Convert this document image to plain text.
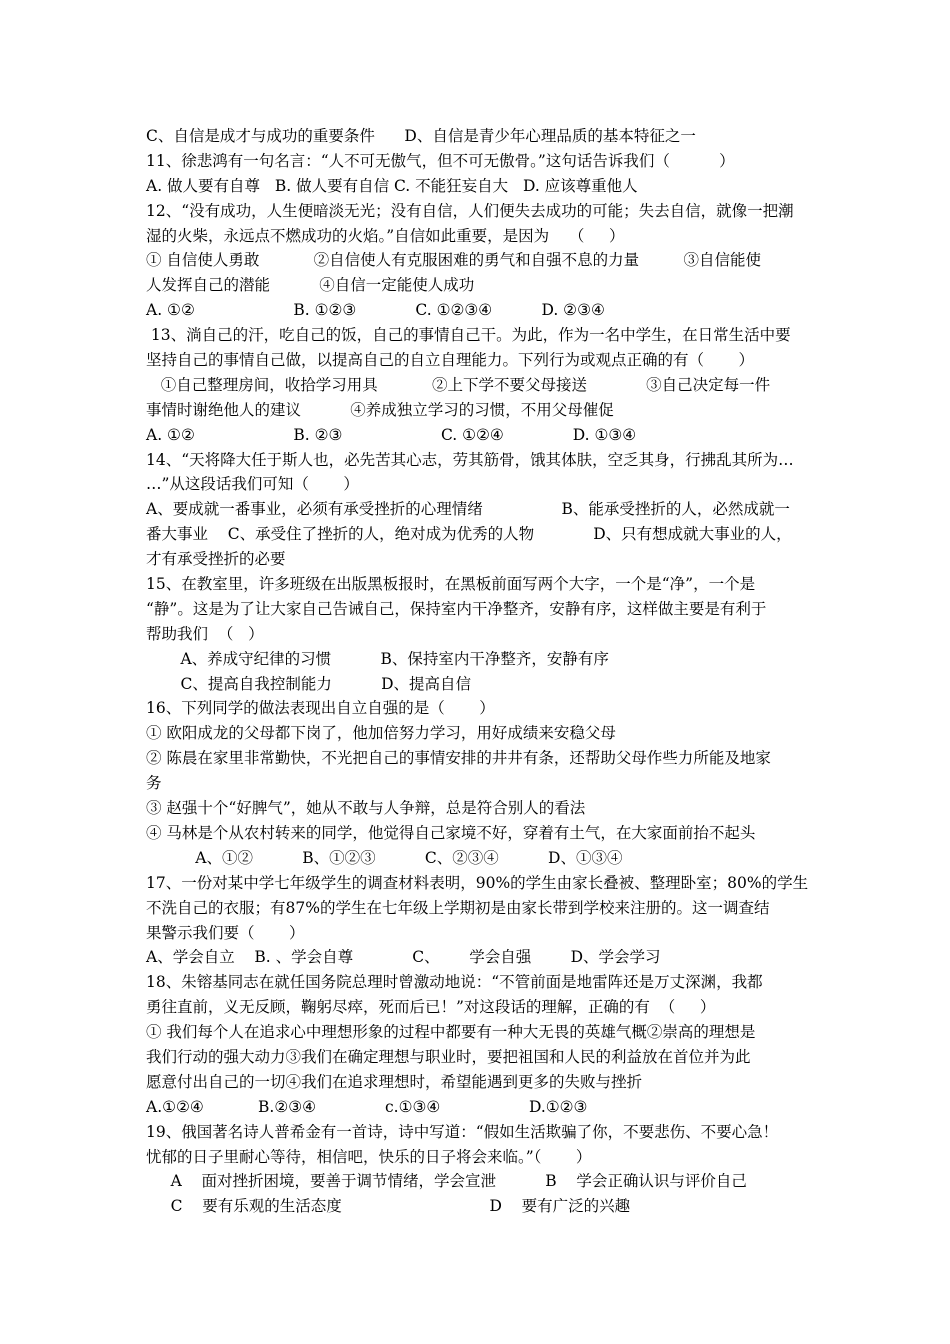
C、自信是成才与成功的重要条件      D、自信是青少年心理品质的基本特征之一
11、徐悲鸿有一句名言：“人不可无傲气，但不可无傲骨。”这句话告诉我们（          ）
A. 做人要有自尊   B. 做人要有自信 C. 不能狂妄自大   D. 应该尊重他人
12、“没有成功，人生便暗淡无光；没有自信，人们便失去成功的可能；失去自信，就像一把潮
湿的火柴，永远点不燃成功的火焰。”自信如此重要，是因为    （     ）
① 自信使人勇敢           ②自信使人有克服困难的勇气和自强不息的力量         ③自信能使
人发挥自己的潜能          ④自信一定能使人成功
A. ①②                    B. ①②③            C. ①②③④          D. ②③④
13、淌自己的汗，吃自己的饭，自己的事情自己干。为此，作为一名中学生，在日常生活中要
坚持自己的事情自己做，以提高自己的自立自理能力。下列行为或观点正确的有（       ）
①自己整理房间，收拾学习用具           ②上下学不要父母接送            ③自己决定每一件
事情时谢绝他人的建议          ④养成独立学习的习惯，不用父母催促
A. ①②                    B. ②③                    C. ①②④              D. ①③④
14、“天将降大任于斯人也，必先苦其心志，劳其筋骨，饿其体肤，空乏其身，行拂乱其所为…
…”从这段话我们可知（       ）
A、要成就一番事业，必须有承受挫折的心理情绪                B、能承受挫折的人，必然成就一
番大事业    C、承受住了挫折的人，绝对成为优秀的人物            D、只有想成就大事业的人，
才有承受挫折的必要
15、在教室里，许多班级在出版黑板报时，在黑板前面写两个大字，一个是“净”，一个是
“静”。这是为了让大家自己告诫自己，保持室内干净整齐，安静有序，这样做主要是有利于
帮助我们  （   ）
A、养成守纪律的习惯          B、保持室内干净整齐，安静有序
C、提高自我控制能力          D、提高自信
16、下列同学的做法表现出自立自强的是（       ）
① 欧阳成龙的父母都下岗了，他加倍努力学习，用好成绩来安稳父母
② 陈晨在家里非常勤快，不光把自己的事情安排的井井有条，还帮助父母作些力所能及地家
务
③ 赵强十个“好脾气”，她从不敢与人争辩，总是符合别人的看法
④ 马林是个从农村转来的同学，他觉得自己家境不好，穿着有土气，在大家面前抬不起头
A、①②          B、①②③          C、②③④          D、①③④
17、一份对某中学七年级学生的调查材料表明，90%的学生由家长叠被、整理卧室；80%的学生
不洗自己的衣服；有87%的学生在七年级上学期初是由家长带到学校来注册的。这一调查结
果警示我们要（       ）
A、学会自立    B. 、学会自尊            C、      学会自强        D、学会学习
18、朱镕基同志在就任国务院总理时曾激动地说：“不管前面是地雷阵还是万丈深渊，我都
勇往直前，义无反顾，鞠躬尽瘁，死而后已！”对这段话的理解，正确的有  （     ）
① 我们每个人在追求心中理想形象的过程中都要有一种大无畏的英雄气概②崇高的理想是
我们行动的强大动力③我们在确定理想与职业时，要把祖国和人民的利益放在首位并为此
愿意付出自己的一切④我们在追求理想时，希望能遇到更多的失败与挫折
A.①②④           B.②③④              c.①③④                  D.①②③
19、俄国著名诗人普希金有一首诗，诗中写道：“假如生活欺骗了你，不要悲伤、不要心急！
忧郁的日子里耐心等待，相信吧，快乐的日子将会来临。”（       ）
A    面对挫折困境，要善于调节情绪，学会宣泄          B    学会正确认识与评价自己
C    要有乐观的生活态度                              D    要有广泛的兴趣
